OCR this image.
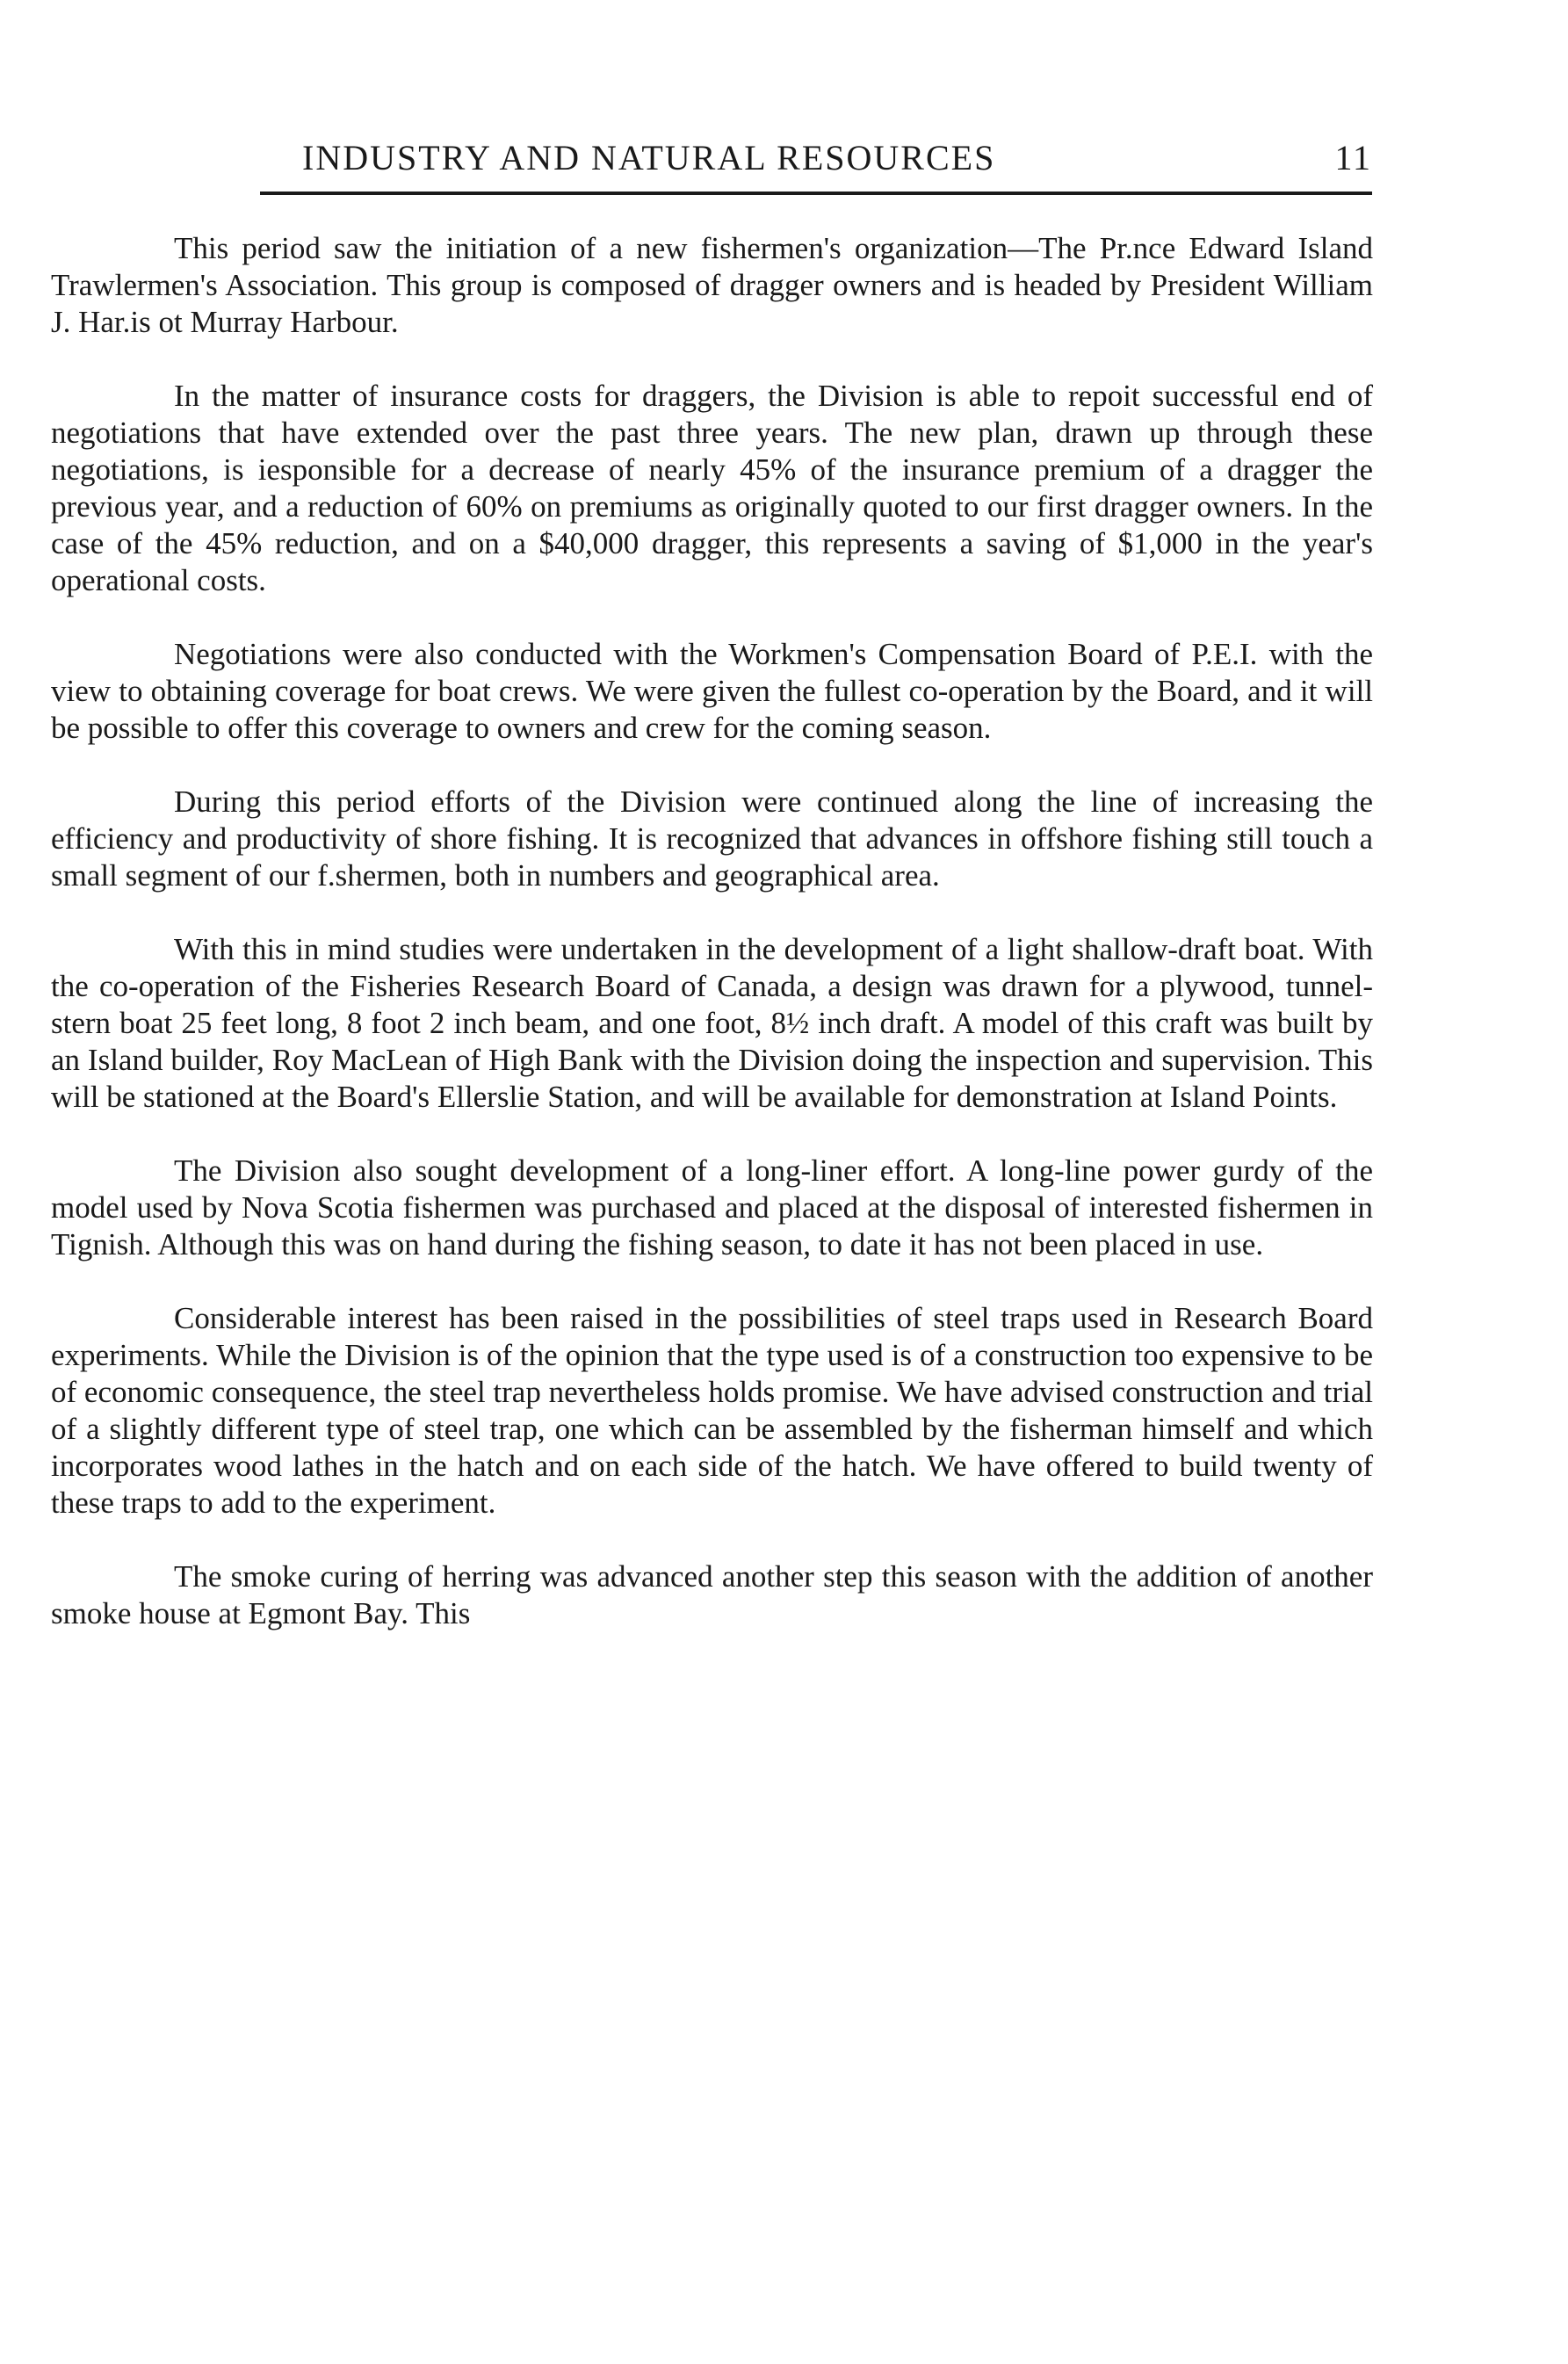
INDUSTRY AND NATURAL RESOURCES	11

This period saw the initiation of a new fishermen's organization—The Pr.nce Edward Island Trawlermen's Association. This group is composed of dragger owners and is headed by President William J. Har.is ot Murray Harbour.

In the matter of insurance costs for draggers, the Division is able to repoit successful end of negotiations that have extended over the past three years. The new plan, drawn up through these negotiations, is iesponsible for a decrease of nearly 45% of the insurance premium of a dragger the previous year, and a reduction of 60% on premiums as originally quoted to our first dragger owners. In the case of the 45% reduction, and on a $40,000 dragger, this represents a saving of $1,000 in the year's operational costs.

Negotiations were also conducted with the Workmen's Compensation Board of P.E.I. with the view to obtaining coverage for boat crews. We were given the fullest co-operation by the Board, and it will be possible to offer this coverage to owners and crew for the coming season.

During this period efforts of the Division were continued along the line of increasing the efficiency and productivity of shore fishing. It is recognized that advances in offshore fishing still touch a small segment of our f.shermen, both in numbers and geographical area.

With this in mind studies were undertaken in the development of a light shallow-draft boat. With the co-operation of the Fisheries Research Board of Canada, a design was drawn for a plywood, tunnel-stern boat 25 feet long, 8 foot 2 inch beam, and one foot, 8½ inch draft. A model of this craft was built by an Island builder, Roy MacLean of High Bank with the Division doing the inspection and supervision. This will be stationed at the Board's Ellerslie Station, and will be available for demonstration at Island Points.

The Division also sought development of a long-liner effort. A long-line power gurdy of the model used by Nova Scotia fishermen was purchased and placed at the disposal of interested fishermen in Tignish. Although this was on hand during the fishing season, to date it has not been placed in use.

Considerable interest has been raised in the possibilities of steel traps used in Research Board experiments. While the Division is of the opinion that the type used is of a construction too expensive to be of economic consequence, the steel trap nevertheless holds promise. We have advised construction and trial of a slightly different type of steel trap, one which can be assembled by the fisherman himself and which incorporates wood lathes in the hatch and on each side of the hatch. We have offered to build twenty of these traps to add to the experiment.

The smoke curing of herring was advanced another step this season with the addition of another smoke house at Egmont Bay. This
